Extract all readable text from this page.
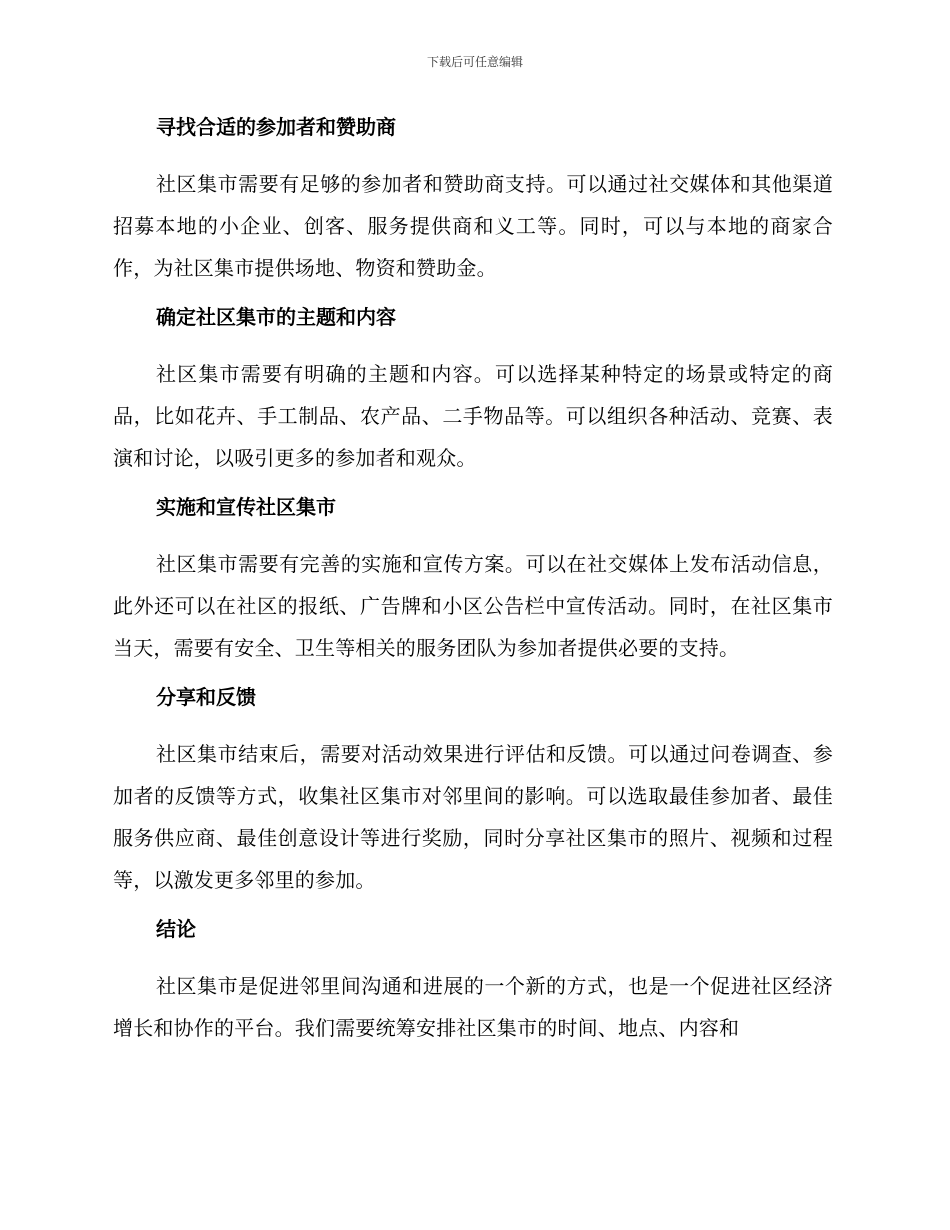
下载后可任意编辑
寻找合适的参加者和赞助商

社区集市需要有足够的参加者和赞助商支持。可以通过社交媒体和其他渠道招募本地的小企业、创客、服务提供商和义工等。同时，可以与本地的商家合作，为社区集市提供场地、物资和赞助金。

确定社区集市的主题和内容

社区集市需要有明确的主题和内容。可以选择某种特定的场景或特定的商品，比如花卉、手工制品、农产品、二手物品等。可以组织各种活动、竞赛、表演和讨论，以吸引更多的参加者和观众。

实施和宣传社区集市

社区集市需要有完善的实施和宣传方案。可以在社交媒体上发布活动信息，此外还可以在社区的报纸、广告牌和小区公告栏中宣传活动。同时，在社区集市当天，需要有安全、卫生等相关的服务团队为参加者提供必要的支持。

分享和反馈

社区集市结束后，需要对活动效果进行评估和反馈。可以通过问卷调查、参加者的反馈等方式，收集社区集市对邻里间的影响。可以选取最佳参加者、最佳服务供应商、最佳创意设计等进行奖励，同时分享社区集市的照片、视频和过程等，以激发更多邻里的参加。

结论

社区集市是促进邻里间沟通和进展的一个新的方式，也是一个促进社区经济增长和协作的平台。我们需要统筹安排社区集市的时间、地点、内容和
